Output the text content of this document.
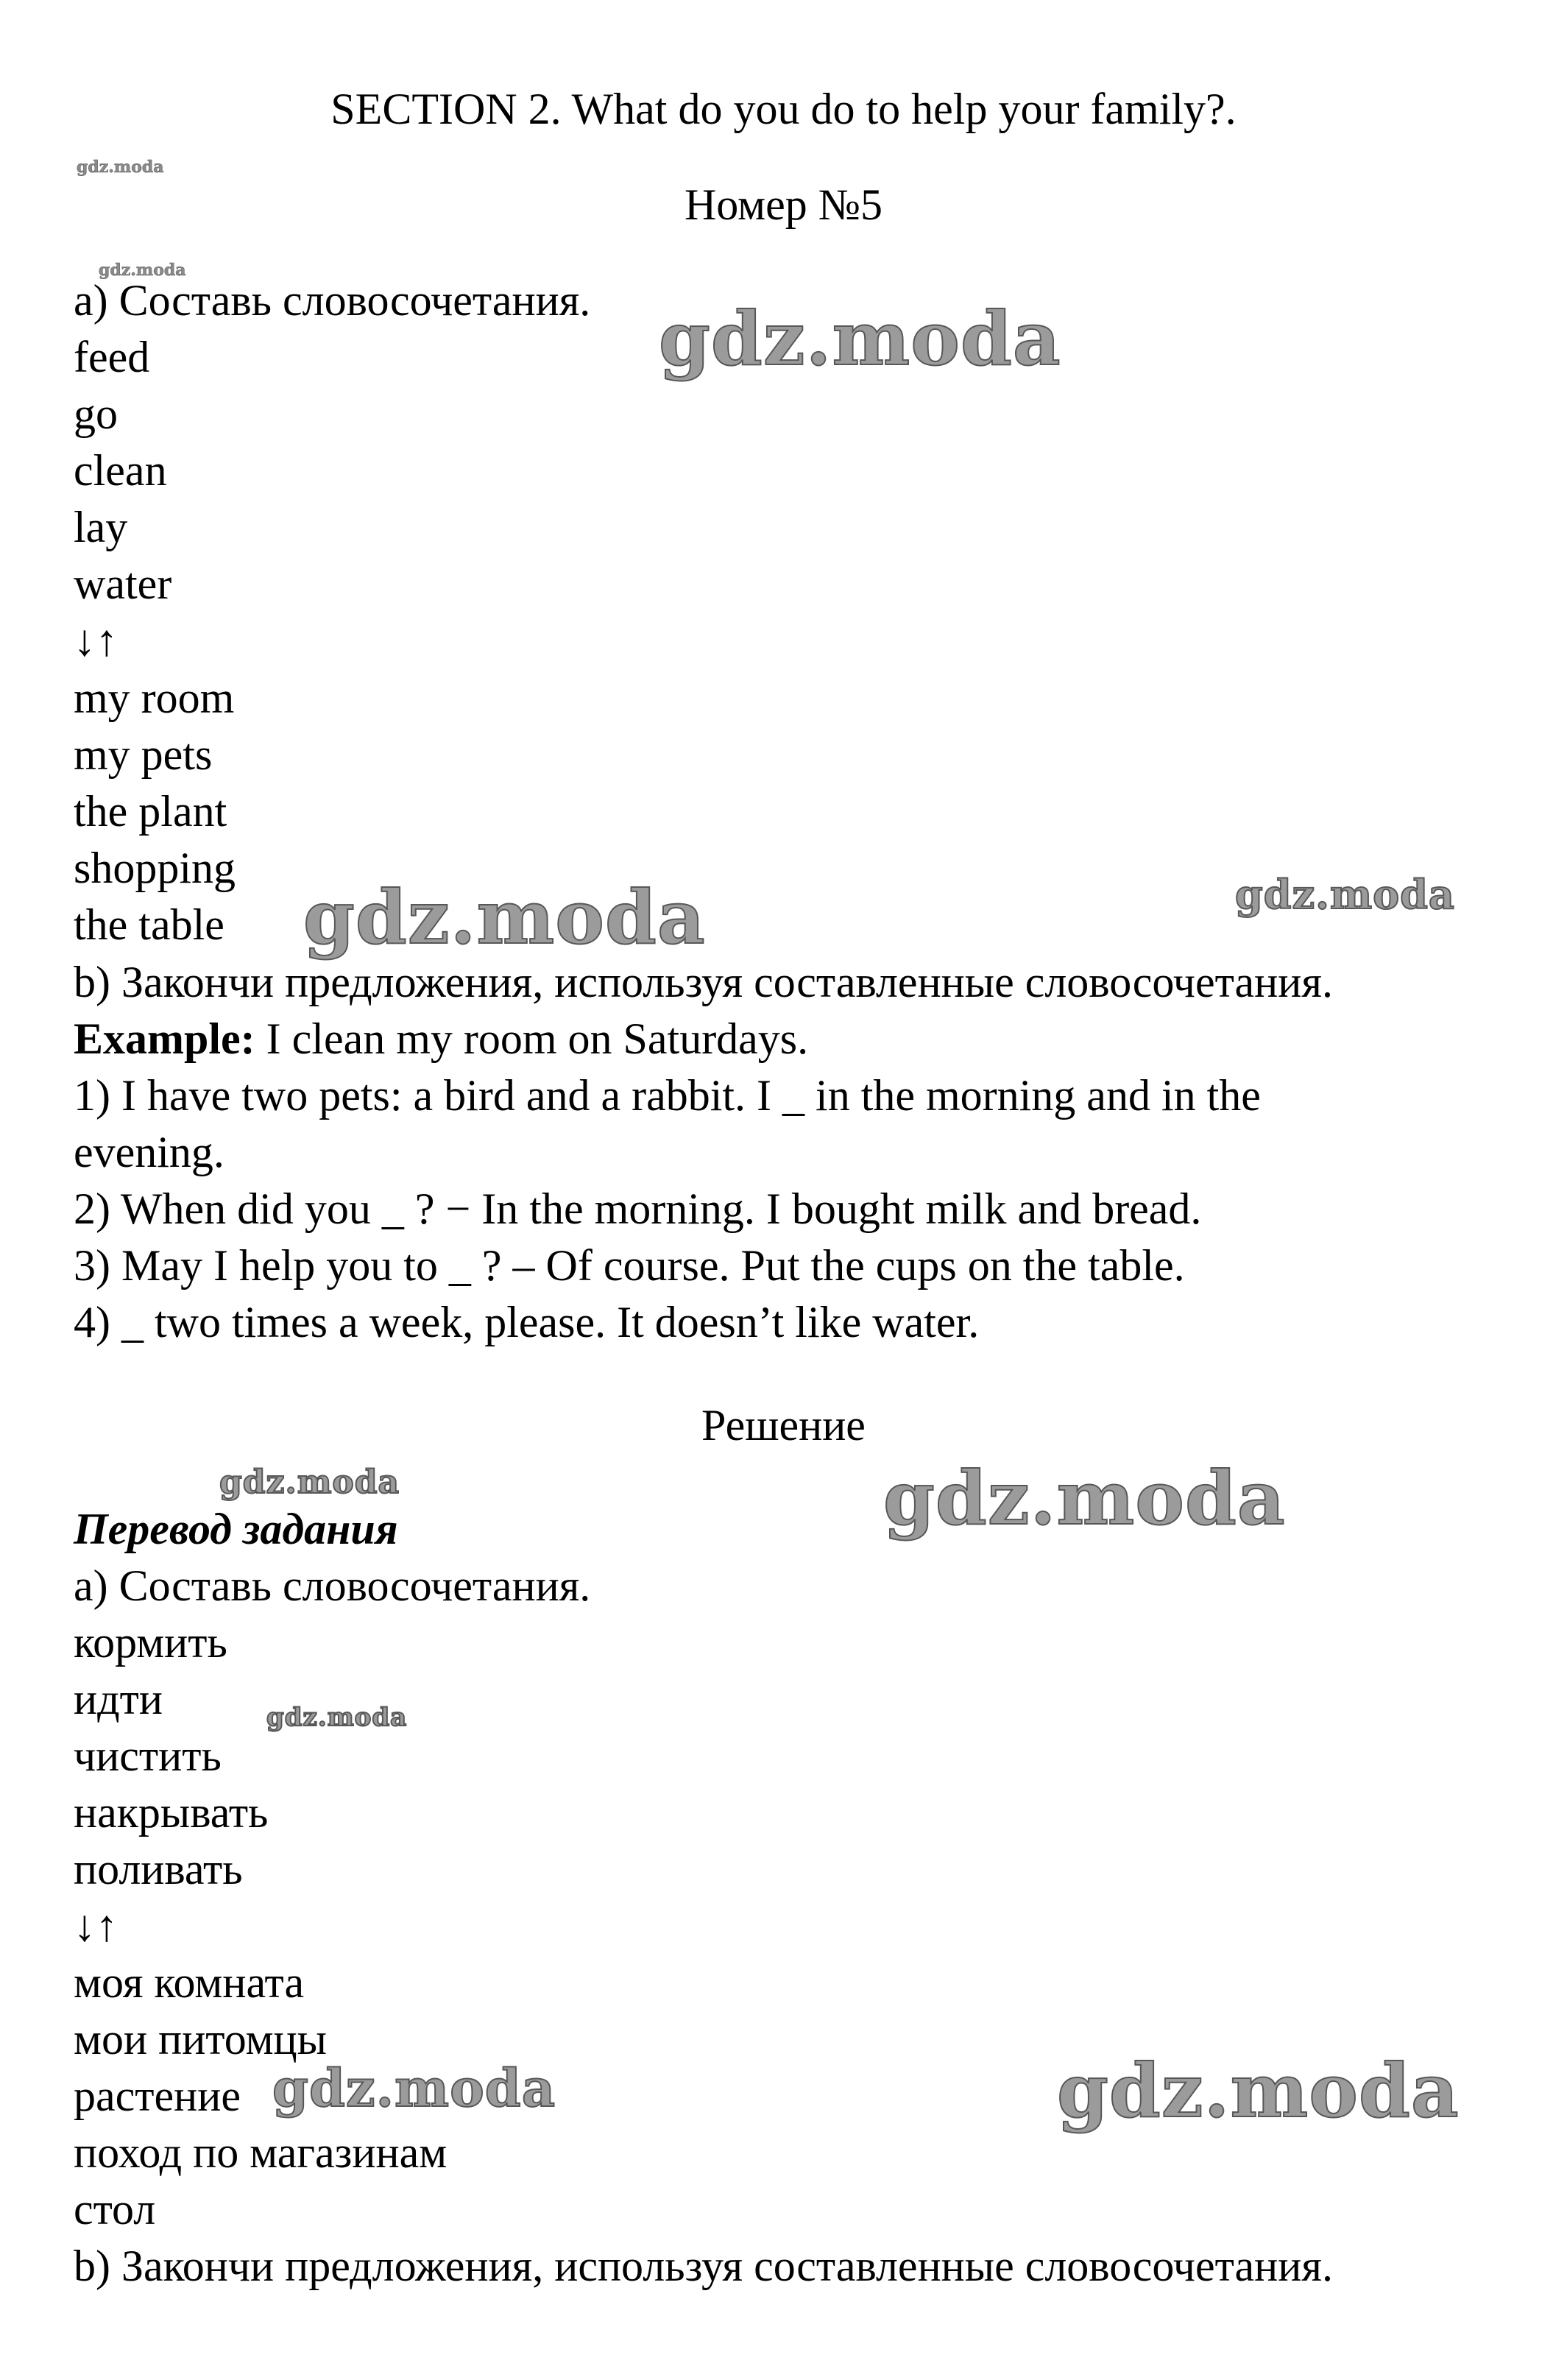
SECTION 2. What do you do to help your family?.
Номер №5
a) Составь словосочетания.
feed
go
clean
lay
water
↓↑
my room
my pets
the plant
shopping
the table
b) Закончи предложения, используя составленные словосочетания.
Example: I clean my room on Saturdays.
1) I have two pets: a bird and a rabbit. I _ in the morning and in the
evening.
2) When did you _ ? − In the morning. I bought milk and bread.
3) May I help you to _ ? – Of course. Put the cups on the table.
4) _ two times a week, please. It doesn’t like water.
Решение
Перевод задания
a) Составь словосочетания.
кормить
идти
чистить
накрывать
поливать
↓↑
моя комната
мои питомцы
растение
поход по магазинам
стол
b) Закончи предложения, используя составленные словосочетания.
gdz.moda
gdz.moda
gdz.moda
gdz.moda
gdz.moda
gdz.moda	gdz.moda
gdz.moda
gdz.moda	gdz.moda
